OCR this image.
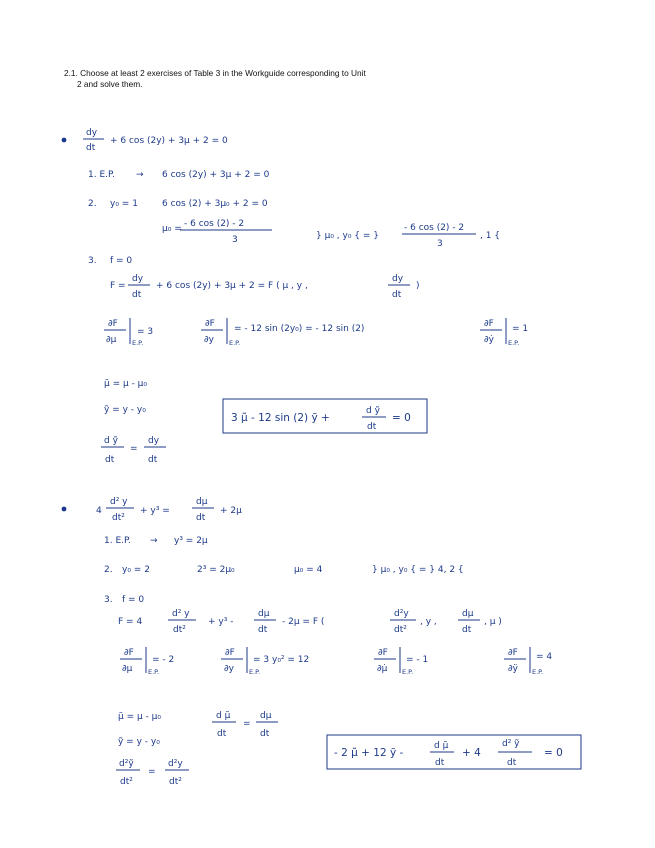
2.1. Choose at least 2 exercises of Table 3 in the Workguide corresponding to Unit
2 and solve them.
dy
dt
+ 6 cos (2y) + 3μ + 2 = 0
1. E.P. → 6 cos (2y) + 3μ + 2 = 0
2. y₀ = 1	6 cos (2) + 3μ₀ + 2 = 0
μ₀ = - 6 cos (2) - 2
3	} μ₀ , y₀ { = }
- 6 cos (2) - 2
3
, 1 {
3. f = 0
F =
dy
dt
+ 6 cos (2y) + 3μ + 2 = F ( μ , y ,
dy
dt
)
∂F
∂μ E.P.
= 3
∂F
∂y E.P.
= - 12 sin (2y₀) = - 12 sin (2)	∂F
∂ẏ E.P.
= 1
μ̃ = μ - μ₀
ỹ = y - y₀
d ỹ
dt
=
dy
dt
3 μ̃ - 12 sin (2) ỹ +
d ỹ
dt
= 0
4
d² y
dt²
+ y³ =
dμ
dt
+ 2μ
1. E.P. → y³ = 2μ
2. y₀ = 2	2³ = 2μ₀	μ₀ = 4	} μ₀ , y₀ { = } 4, 2 {
3. f = 0
F = 4
d² y
dt²
+ y³ -
dμ
dt
- 2μ = F (
d²y
dt²
, y ,
dμ
dt
, μ )
∂F
∂μ E.P.
= - 2
∂F
∂y E.P.
= 3 y₀² = 12
∂F
∂μ̇ E.P.
= - 1
∂F
∂ÿ E.P.
= 4
μ̃ = μ - μ₀
ỹ = y - y₀
d μ̃
dt
=
dμ
dt
d²ỹ
dt²
=
d²y
dt²
- 2 μ̃ + 12 ỹ -
d μ̃
dt
+ 4
d² ỹ
dt
= 0
